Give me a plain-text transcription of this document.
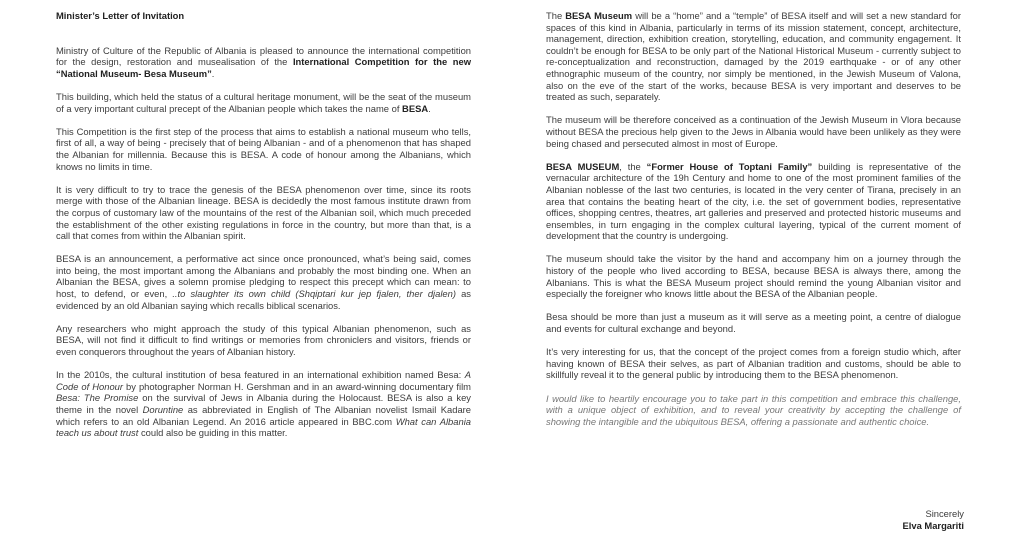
Minister’s Letter of Invitation

Ministry of Culture of the Republic of Albania is pleased to announce the international competition for the design, restoration and musealisation of the International Competition for the new “National Museum- Besa Museum”.

This building, which held the status of a cultural heritage monument, will be the seat of the museum of a very important cultural precept of the Albanian people which takes the name of BESA.

This Competition is the first step of the process that aims to establish a national museum who tells, first of all, a way of being - precisely that of being Albanian - and of a phenomenon that has shaped the Albanian for millennia. Because this is BESA. A code of honour among the Albanians, which knows no limits in time.

It is very difficult to try to trace the genesis of the BESA phenomenon over time, since its roots merge with those of the Albanian lineage. BESA is decidedly the most famous institute drawn from the corpus of customary law of the mountains of the rest of the Albanian soil, which much preceded the establishment of the other existing regulations in force in the country, but more than that, is a call that comes from within the Albanian spirit.

BESA is an announcement, a performative act since once pronounced, what’s being said, comes into being, the most important among the Albanians and probably the most binding one. When an Albanian the BESA, gives a solemn promise pledging to respect this precept which can mean: to host, to defend, or even, ..to slaughter its own child (Shqiptari kur jep fjalen, ther djalen) as evidenced by an old Albanian saying which recalls biblical scenarios.

Any researchers who might approach the study of this typical Albanian phenomenon, such as BESA, will not find it difficult to find writings or memories from chroniclers and visitors, friends or even conquerors throughout the years of Albanian history.

In the 2010s, the cultural institution of besa featured in an international exhibition named Besa: A Code of Honour by photographer Norman H. Gershman and in an award-winning documentary film Besa: The Promise on the survival of Jews in Albania during the Holocaust. BESA is also a key theme in the novel Doruntine as abbreviated in English of The Albanian novelist Ismail Kadare which refers to an old Albanian Legend. An 2016 article appeared in BBC.com What can Albania teach us about trust could also be guiding in this matter.

The BESA Museum will be a “home” and a “temple” of BESA itself and will set a new standard for spaces of this kind in Albania, particularly in terms of its mission statement, concept, architecture, management, direction, exhibition creation, storytelling, education, and community engagement. It couldn’t be enough for BESA to be only part of the National Historical Museum - currently subject to re-conceptualization and reconstruction, damaged by the 2019 earthquake - or of any other ethnographic museum of the country, nor simply be mentioned, in the Jewish Museum of Valona, also on the eve of the start of the works, because BESA is very important and deserves to be treated as such, separately.

The museum will be therefore conceived as a continuation of the Jewish Museum in Vlora because without BESA the precious help given to the Jews in Albania would have been unlikely as they were being chased and persecuted almost in most of Europe.

BESA MUSEUM, the “Former House of Toptani Family” building is representative of the vernacular architecture of the 19h Century and home to one of the most prominent families of the Albanian noblesse of the last two centuries, is located in the very center of Tirana, precisely in an area that contains the beating heart of the city, i.e. the set of government bodies, representative offices, shopping centres, theatres, art galleries and preserved and protected historic museums and ensembles, in turn engaging in the complex cultural layering, typical of the current moment of development that the country is undergoing.

The museum should take the visitor by the hand and accompany him on a journey through the history of the people who lived according to BESA, because BESA is always there, among the Albanians. This is what the BESA Museum project should remind the young Albanian visitor and especially the foreigner who knows little about the BESA of the Albanian people.

Besa should be more than just a museum as it will serve as a meeting point, a centre of dialogue and events for cultural exchange and beyond.

It’s very interesting for us, that the concept of the project comes from a foreign studio which, after having known of BESA their selves, as part of Albanian tradition and customs, should be able to skillfully reveal it to the general public by introducing them to the BESA phenomenon.

I would like to heartily encourage you to take part in this competition and embrace this challenge, with a unique object of exhibition, and to reveal your creativity by accepting the challenge of showing the intangible and the ubiquitous BESA, offering a passionate and authentic choice.

Sincerely
Elva Margariti
